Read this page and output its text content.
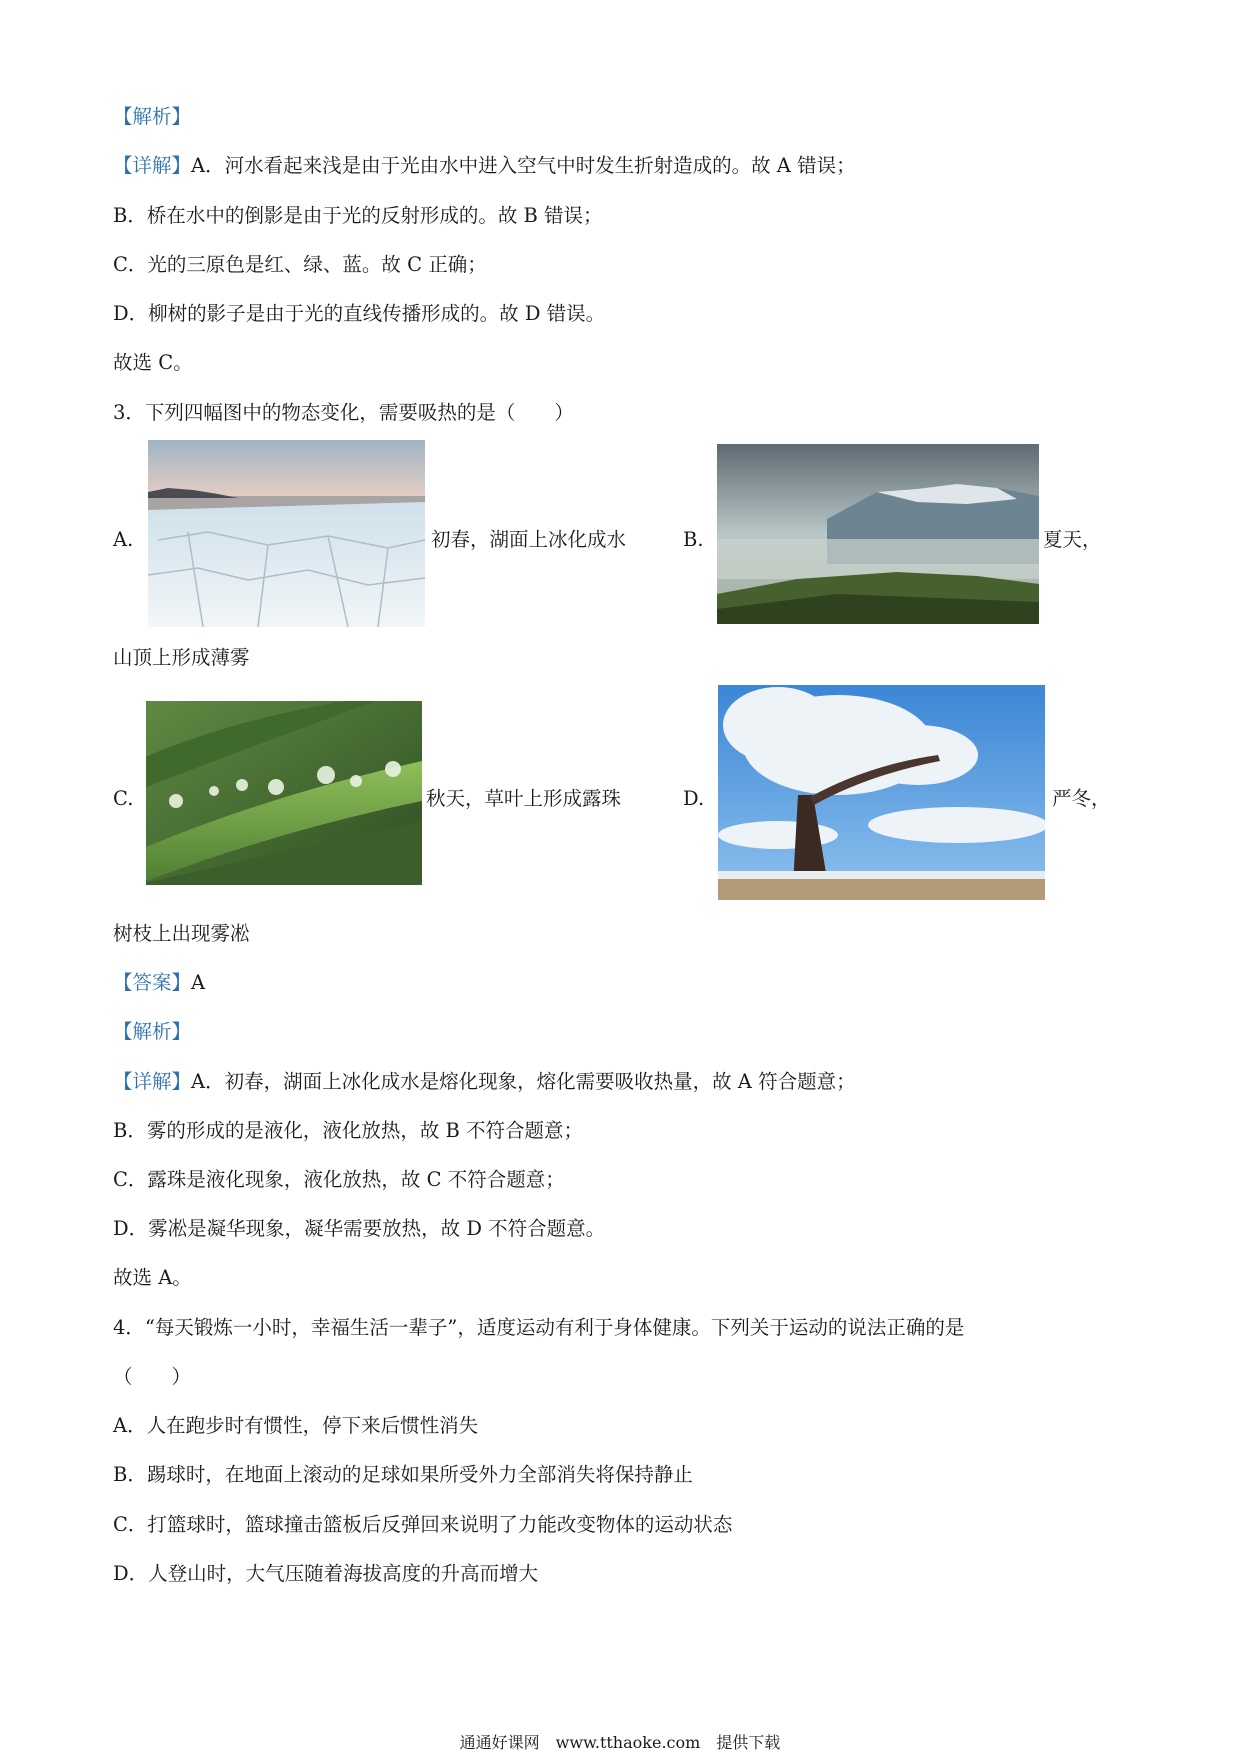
【解析】
【详解】A．河水看起来浅是由于光由水中进入空气中时发生折射造成的。故 A 错误；
B．桥在水中的倒影是由于光的反射形成的。故 B 错误；
C．光的三原色是红、绿、蓝。故 C 正确；
D．柳树的影子是由于光的直线传播形成的。故 D 错误。
故选 C。
3．下列四幅图中的物态变化，需要吸热的是（　　）
A.	初春，湖面上冰化成水	B.	夏天，
山顶上形成薄雾
C.	秋天，草叶上形成露珠	D.	严冬，
树枝上出现雾凇
【答案】A
【解析】
【详解】A．初春，湖面上冰化成水是熔化现象，熔化需要吸收热量，故 A 符合题意；
B．雾的形成的是液化，液化放热，故 B 不符合题意；
C．露珠是液化现象，液化放热，故 C 不符合题意；
D．雾凇是凝华现象，凝华需要放热，故 D 不符合题意。
故选 A。
4．“每天锻炼一小时，幸福生活一辈子”，适度运动有利于身体健康。下列关于运动的说法正确的是
（　　）
A．人在跑步时有惯性，停下来后惯性消失
B．踢球时，在地面上滚动的足球如果所受外力全部消失将保持静止
C．打篮球时，篮球撞击篮板后反弹回来说明了力能改变物体的运动状态
D．人登山时，大气压随着海拔高度的升高而增大
通通好课网　www.tthaoke.com　提供下载
